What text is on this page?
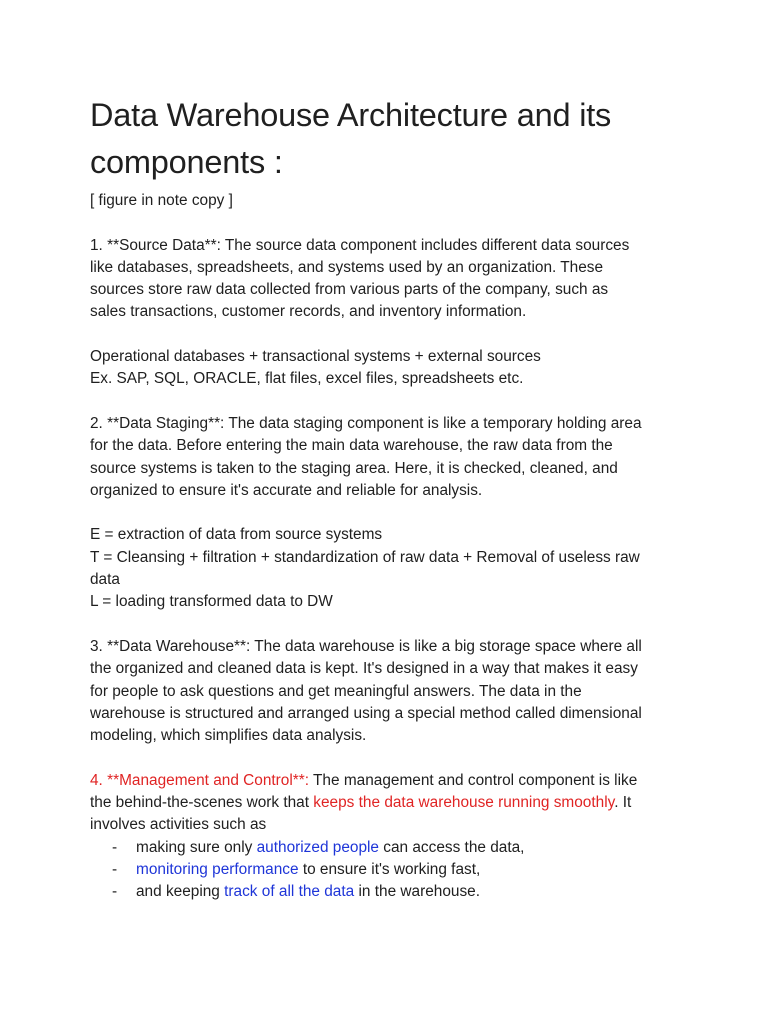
Data Warehouse Architecture and its
components :

[ figure in note copy ]

1. **Source Data**: The source data component includes different data sources

like databases, spreadsheets, and systems used by an organization. These

sources store raw data collected from various parts of the company, such as

sales transactions, customer records, and inventory information.

Operational databases + transactional systems + external sources

Ex. SAP, SQL, ORACLE, flat files, excel files, spreadsheets etc.

2. **Data Staging**: The data staging component is like a temporary holding area

for the data. Before entering the main data warehouse, the raw data from the

source systems is taken to the staging area. Here, it is checked, cleaned, and

organized to ensure it's accurate and reliable for analysis.

E = extraction of data from source systems

T = Cleansing + filtration + standardization of raw data + Removal of useless raw

data

L = loading transformed data to DW

3. **Data Warehouse**: The data warehouse is like a big storage space where all

the organized and cleaned data is kept. It's designed in a way that makes it easy

for people to ask questions and get meaningful answers. The data in the

warehouse is structured and arranged using a special method called dimensional

modeling, which simplifies data analysis.

4. **Management and Control**: The management and control component is like

the behind-the-scenes work that keeps the data warehouse running smoothly. It

involves activities such as

- making sure only authorized people can access the data,
- monitoring performance to ensure it's working fast,
- and keeping track of all the data in the warehouse.
